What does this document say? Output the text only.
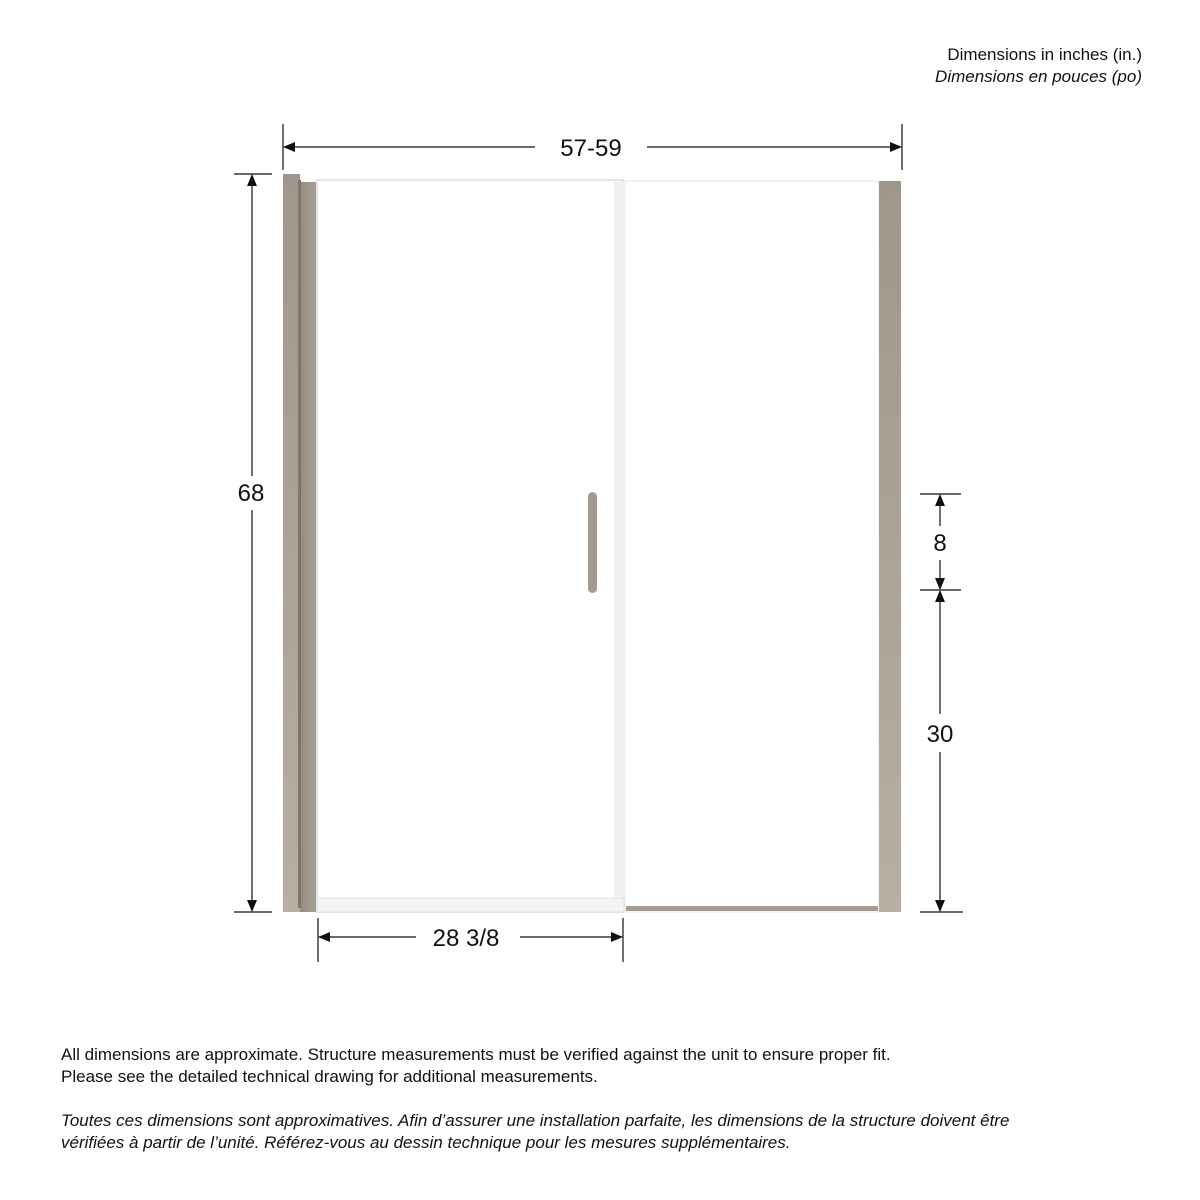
Dimensions in inches (in.)
Dimensions en pouces (po)
57-59
68
28 3/8
8
30

All dimensions are approximate. Structure measurements must be verified against the unit to ensure proper fit.

Please see the detailed technical drawing for additional measurements.

Toutes ces dimensions sont approximatives. Afin d’assurer une installation parfaite, les dimensions de la structure doivent être

vérifiées à partir de l’unité. Référez-vous au dessin technique pour les mesures supplémentaires.
